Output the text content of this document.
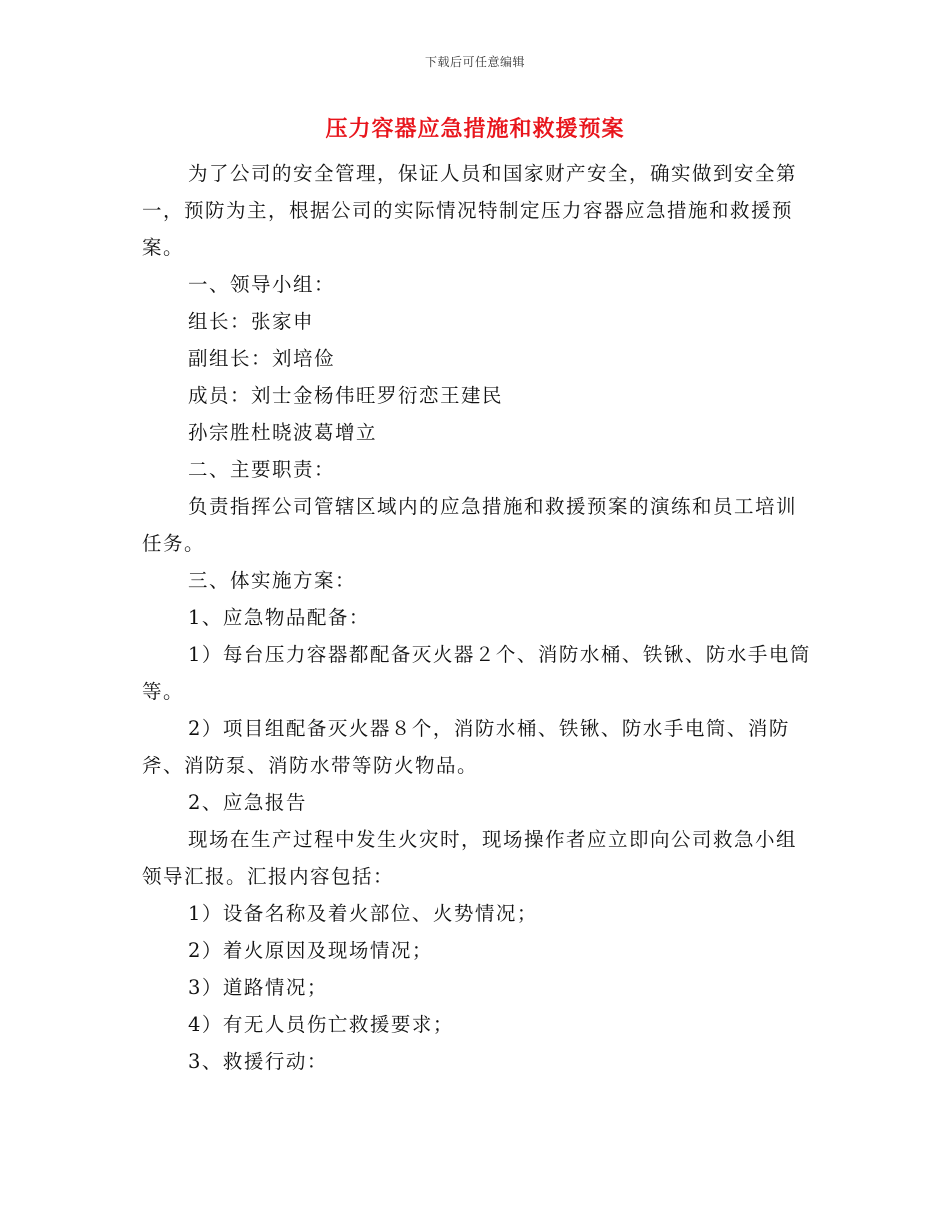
下载后可任意编辑
压力容器应急措施和救援预案

为了公司的安全管理，保证人员和国家财产安全，确实做到安全第一，预防为主，根据公司的实际情况特制定压力容器应急措施和救援预案。

一、领导小组：

组长：张家申

副组长：刘培俭

成员：刘士金杨伟旺罗衍恋王建民

孙宗胜杜晓波葛增立

二、主要职责：

负责指挥公司管辖区域内的应急措施和救援预案的演练和员工培训任务。

三、体实施方案：

1、应急物品配备：

1）每台压力容器都配备灭火器２个、消防水桶、铁锹、防水手电筒等。

2）项目组配备灭火器８个，消防水桶、铁锹、防水手电筒、消防斧、消防泵、消防水带等防火物品。

2、应急报告

现场在生产过程中发生火灾时，现场操作者应立即向公司救急小组领导汇报。汇报内容包括：

1）设备名称及着火部位、火势情况；

2）着火原因及现场情况；

3）道路情况；

4）有无人员伤亡救援要求；

3、救援行动：
